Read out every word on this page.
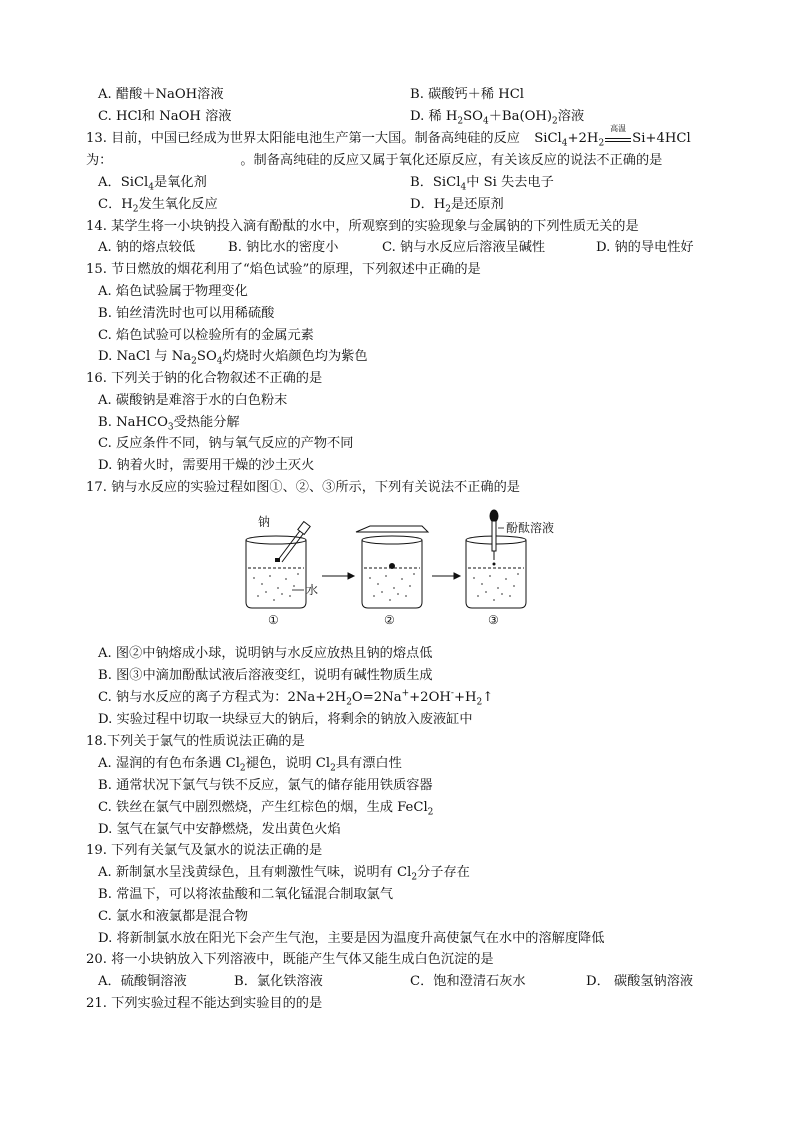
A. 醋酸＋NaOH溶液	B. 碳酸钙＋稀 HCl
C. HCl和 NaOH 溶液	D. 稀 $H_2SO_4+Ba(OH)_2$溶液
13. 目前，中国已经成为世界太阳能电池生产第一大国。制备高纯硅的反应 $SiCl_4+2H_2$
高温
Si+4HCl
为：	。制备高纯硅的反应又属于氧化还原反应，有关该反应的说法不正确的是
A．SiCl$_4$是氧化剂	B．SiCl$_4$中 Si 失去电子
C．$H_2$发生氧化反应	D．$H_2$是还原剂
14. 某学生将一小块钠投入滴有酚酞的水中，所观察到的实验现象与金属钠的下列性质无关的是
A. 钠的熔点较低 B. 钠比水的密度小	C. 钠与水反应后溶液呈碱性	D. 钠的导电性好
15. 节日燃放的烟花利用了“焰色试验”的原理，下列叙述中正确的是
A. 焰色试验属于物理变化
B. 铂丝清洗时也可以用稀硫酸
C. 焰色试验可以检验所有的金属元素
D. NaCl 与 $Na_2SO_4$灼烧时火焰颜色均为紫色
16. 下列关于钠的化合物叙述不正确的是
A. 碳酸钠是难溶于水的白色粉末
B. NaHCO$_3$受热能分解
C. 反应条件不同，钠与氧气反应的产物不同
D. 钠着火时，需要用干燥的沙土灭火
17. 钠与水反应的实验过程如图①、②、③所示，下列有关说法不正确的是
钠
水
①	②
酚酞溶液
③
A. 图②中钠熔成小球，说明钠与水反应放热且钠的熔点低
B. 图③中滴加酚酞试液后溶液变红，说明有碱性物质生成
C. 钠与水反应的离子方程式为：$2Na+2H_2O=2Na^++2OH^-+H_2↑$
D. 实验过程中切取一块绿豆大的钠后，将剩余的钠放入废液缸中
18.下列关于氯气的性质说法正确的是
A. 湿润的有色布条遇 $Cl_2$褪色，说明 $Cl_2$具有漂白性
B. 通常状况下氯气与铁不反应，氯气的储存能用铁质容器
C. 铁丝在氯气中剧烈燃烧，产生红棕色的烟，生成 FeCl$_2$
D. 氢气在氯气中安静燃烧，发出黄色火焰
19. 下列有关氯气及氯水的说法正确的是
A. 新制氯水呈浅黄绿色，且有刺激性气味，说明有 $Cl_2$分子存在
B. 常温下，可以将浓盐酸和二氧化锰混合制取氯气
C. 氯水和液氯都是混合物
D. 将新制氯水放在阳光下会产生气泡，主要是因为温度升高使氯气在水中的溶解度降低
20. 将一小块钠放入下列溶液中，既能产生气体又能生成白色沉淀的是
A．硫酸铜溶液	B．氯化铁溶液	C．饱和澄清石灰水	D． 碳酸氢钠溶液
21. 下列实验过程不能达到实验目的的是
